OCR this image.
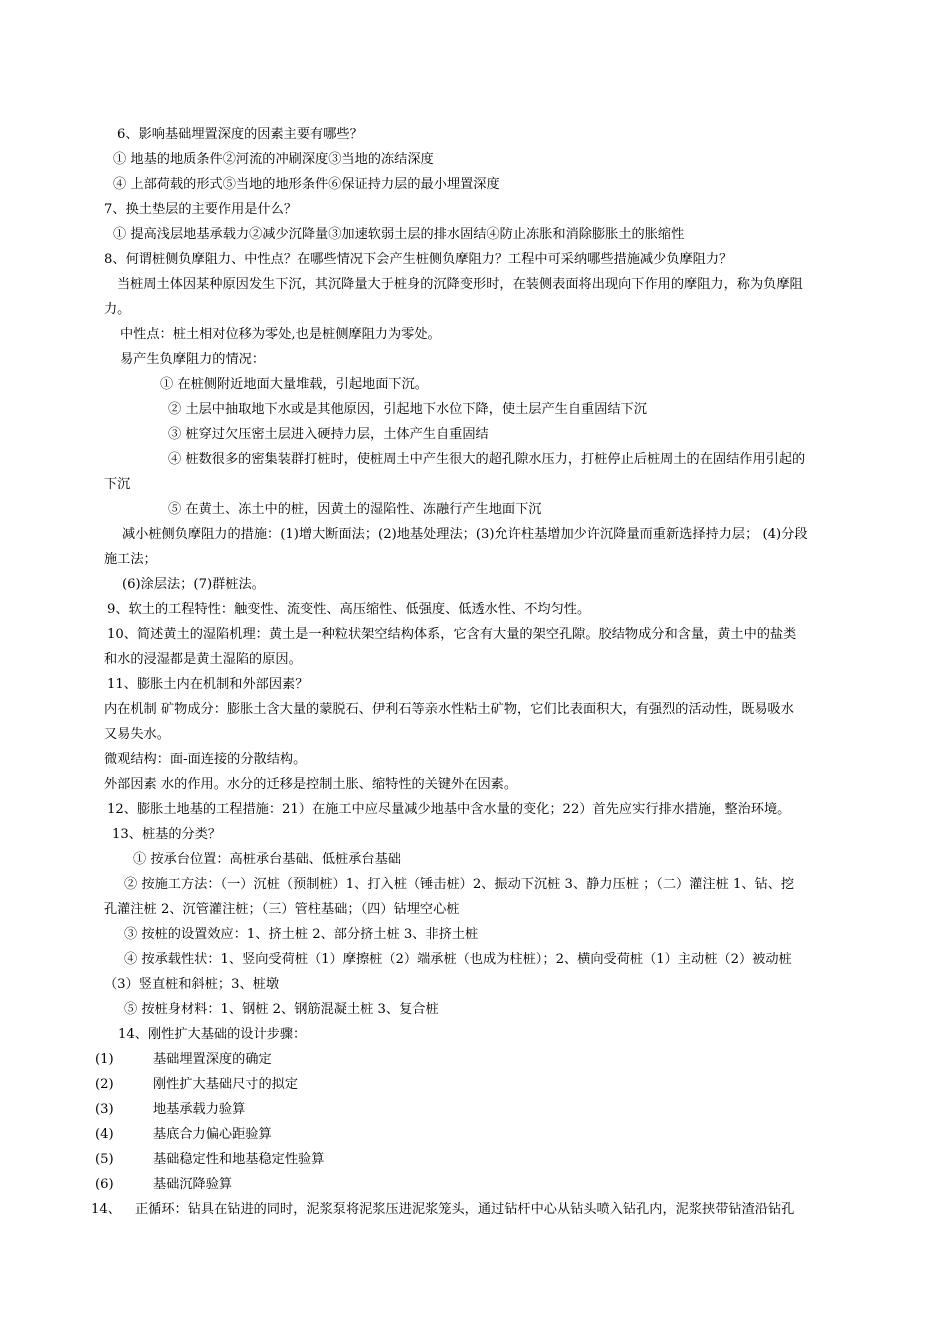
6、影响基础埋置深度的因素主要有哪些？
① 地基的地质条件②河流的冲刷深度③当地的冻结深度
④ 上部荷载的形式⑤当地的地形条件⑥保证持力层的最小埋置深度
7、换土垫层的主要作用是什么？
① 提高浅层地基承载力②减少沉降量③加速软弱土层的排水固结④防止冻胀和消除膨胀土的胀缩性
8、何谓桩侧负摩阻力、中性点？在哪些情况下会产生桩侧负摩阻力？工程中可采纳哪些措施减少负摩阻力？
当桩周土体因某种原因发生下沉，其沉降量大于桩身的沉降变形时，在装侧表面将出现向下作用的摩阻力，称为负摩阻
力。
中性点：桩土相对位移为零处,也是桩侧摩阻力为零处。
易产生负摩阻力的情况：
① 在桩侧附近地面大量堆载，引起地面下沉。
② 土层中抽取地下水或是其他原因，引起地下水位下降，使土层产生自重固结下沉
③ 桩穿过欠压密土层进入硬持力层，土体产生自重固结
④ 桩数很多的密集装群打桩时，使桩周土中产生很大的超孔隙水压力，打桩停止后桩周土的在固结作用引起的
下沉
⑤ 在黄土、冻土中的桩，因黄土的湿陷性、冻融行产生地面下沉
减小桩侧负摩阻力的措施：(1)增大断面法；(2)地基处理法；(3)允许柱基增加少许沉降量而重新选择持力层； (4)分段
施工法；
(6)涂层法；(7)群桩法。
9、软土的工程特性：触变性、流变性、高压缩性、低强度、低透水性、不均匀性。
10、简述黄土的湿陷机理：黄土是一种粒状架空结构体系，它含有大量的架空孔隙。胶结物成分和含量，黄土中的盐类
和水的浸湿都是黄土湿陷的原因。
11、膨胀土内在机制和外部因素？
内在机制 矿物成分：膨胀土含大量的蒙脱石、伊利石等亲水性粘土矿物，它们比表面积大，有强烈的活动性，既易吸水
又易失水。
微观结构：面-面连接的分散结构。
外部因素 水的作用。水分的迁移是控制土胀、缩特性的关键外在因素。
12、膨胀土地基的工程措施：21）在施工中应尽量减少地基中含水量的变化；22）首先应实行排水措施，整治环境。
13、桩基的分类？
① 按承台位置：高桩承台基础、低桩承台基础
② 按施工方法：（一）沉桩（预制桩）1、打入桩（锤击桩）2、振动下沉桩 3、静力压桩 ；（二）灌注桩 1、钻、挖
孔灌注桩 2、沉管灌注桩；（三）管柱基础；（四）钻埋空心桩
③ 按桩的设置效应：1、挤土桩 2、部分挤土桩 3、非挤土桩
④ 按承载性状：1、竖向受荷桩（1）摩擦桩（2）端承桩（也成为柱桩）；2、横向受荷桩（1）主动桩（2）被动桩
（3）竖直桩和斜桩；3、桩墩
⑤ 按桩身材料：1、钢桩 2、钢筋混凝土桩 3、复合桩
14、刚性扩大基础的设计步骤：
(1)	基础埋置深度的确定
(2)	刚性扩大基础尺寸的拟定
(3)	地基承载力验算
(4)	基底合力偏心距验算
(5)	基础稳定性和地基稳定性验算
(6)	基础沉降验算
14、 正循环：钻具在钻进的同时，泥浆泵将泥浆压进泥浆笼头，通过钻杆中心从钻头喷入钻孔内，泥浆挟带钻渣沿钻孔
